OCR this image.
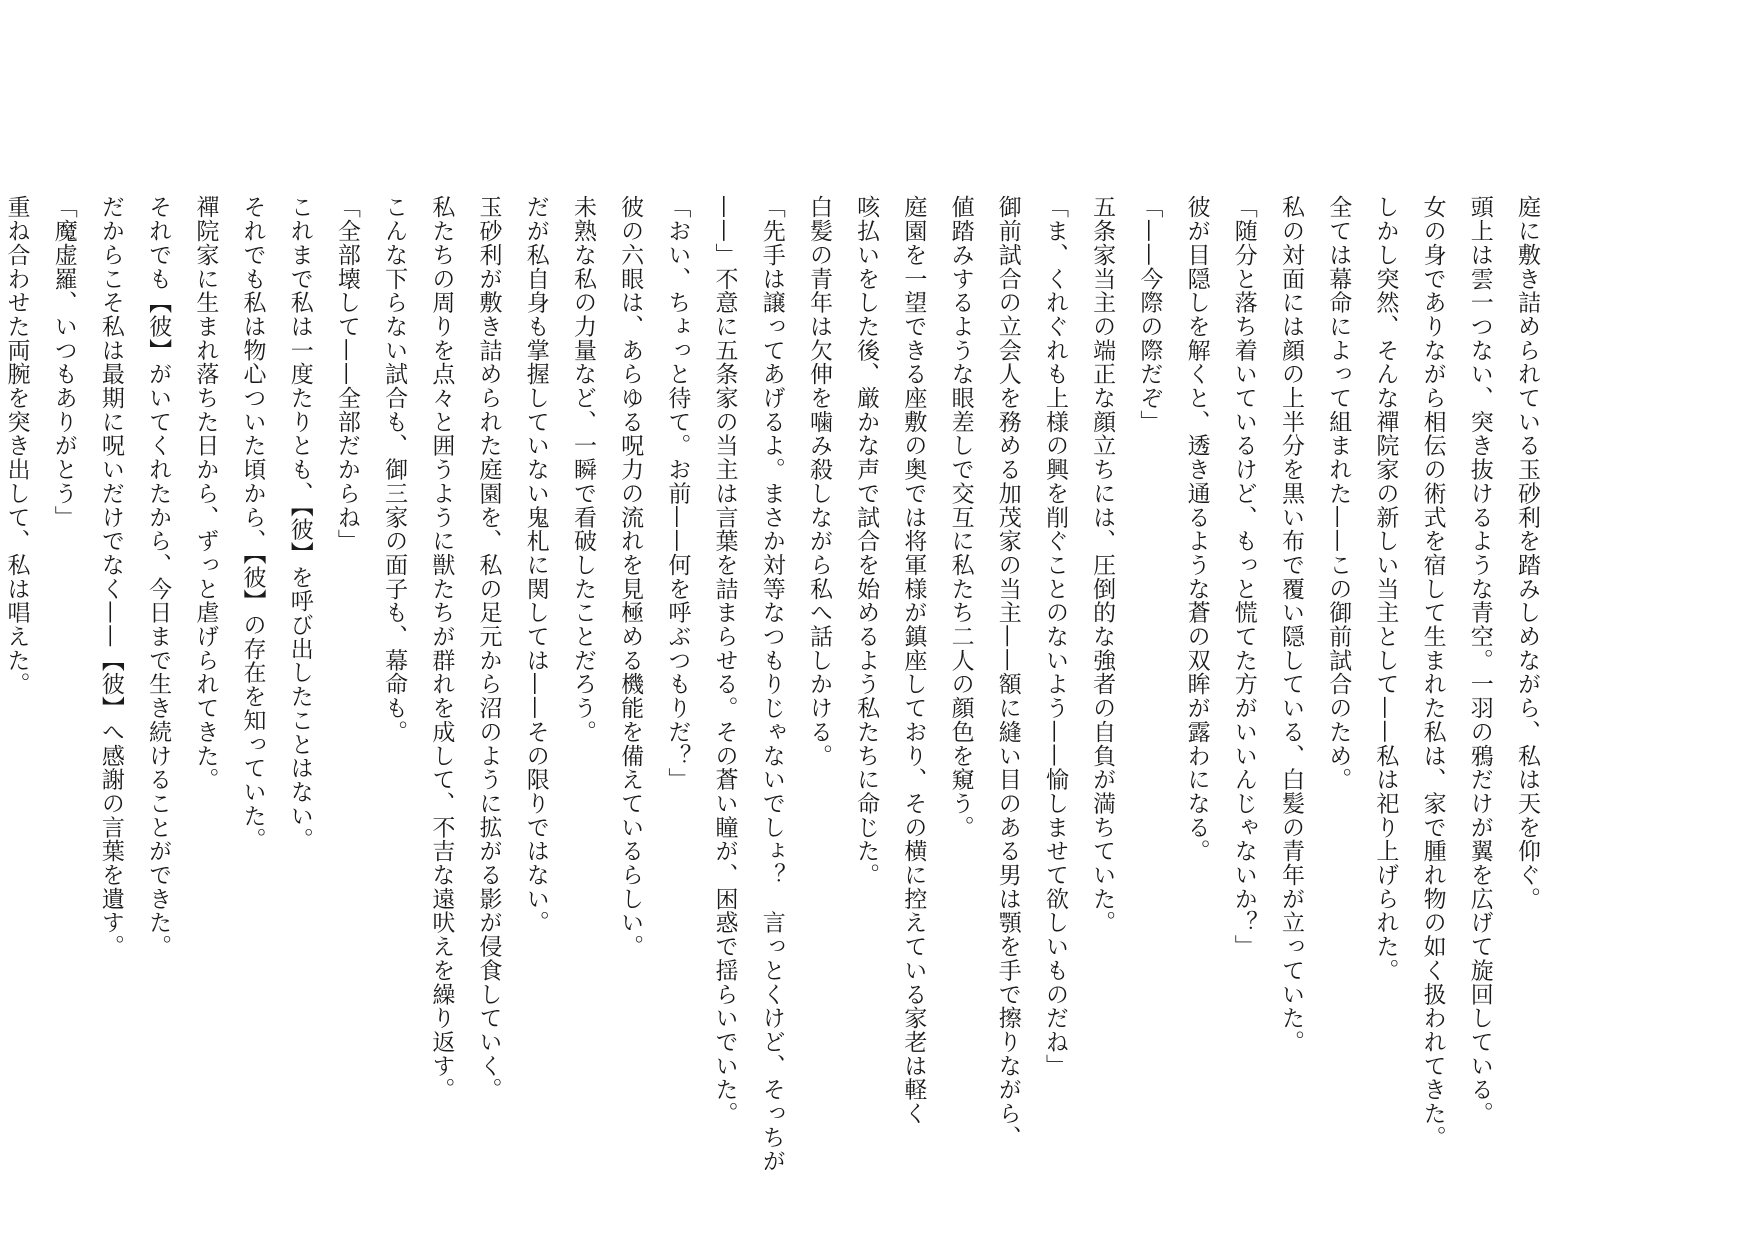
庭に敷き詰められている玉砂利を踏みしめながら、私は天を仰ぐ。
頭上は雲一つない、突き抜けるような青空。一羽の鴉だけが翼を広げて旋回している。
女の身でありながら相伝の術式を宿して生まれた私は、家で腫れ物の如く扱われてきた。
しかし突然、そんな禪院家の新しい当主として——私は祀り上げられた。
全ては幕命によって組まれた——この御前試合のため。
私の対面には顔の上半分を黒い布で覆い隠している、白髪の青年が立っていた。
「随分と落ち着いているけど、もっと慌てた方がいいんじゃないか？」
彼が目隠しを解くと、透き通るような蒼の双眸が露わになる。
「——今際の際だぞ」
五条家当主の端正な顔立ちには、圧倒的な強者の自負が満ちていた。
「ま、くれぐれも上様の興を削ぐことのないよう——愉しませて欲しいものだね」
御前試合の立会人を務める加茂家の当主——額に縫い目のある男は顎を手で擦りながら、
値踏みするような眼差しで交互に私たち二人の顔色を窺う。
庭園を一望できる座敷の奥では将軍様が鎮座しており、その横に控えている家老は軽く
咳払いをした後、厳かな声で試合を始めるよう私たちに命じた。
白髪の青年は欠伸を噛み殺しながら私へ話しかける。
「先手は譲ってあげるよ。まさか対等なつもりじゃないでしょ？　言っとくけど、そっちが
——」不意に五条家の当主は言葉を詰まらせる。その蒼い瞳が、困惑で揺らいでいた。
「おい、ちょっと待て。お前——何を呼ぶつもりだ？」
彼の六眼は、あらゆる呪力の流れを見極める機能を備えているらしい。
未熟な私の力量など、一瞬で看破したことだろう。
だが私自身も掌握していない鬼札に関しては——その限りではない。
玉砂利が敷き詰められた庭園を、私の足元から沼のように拡がる影が侵食していく。
私たちの周りを点々と囲うように獣たちが群れを成して、不吉な遠吠えを繰り返す。
こんな下らない試合も、御三家の面子も、幕命も。
「全部壊して——全部だからね」
これまで私は一度たりとも、【彼】を呼び出したことはない。
それでも私は物心ついた頃から、【彼】の存在を知っていた。
禪院家に生まれ落ちた日から、ずっと虐げられてきた。
それでも【彼】がいてくれたから、今日まで生き続けることができた。
だからこそ私は最期に呪いだけでなく——【彼】へ感謝の言葉を遺す。
「魔虚羅、いつもありがとう」
重ね合わせた両腕を突き出して、私は唱えた。
